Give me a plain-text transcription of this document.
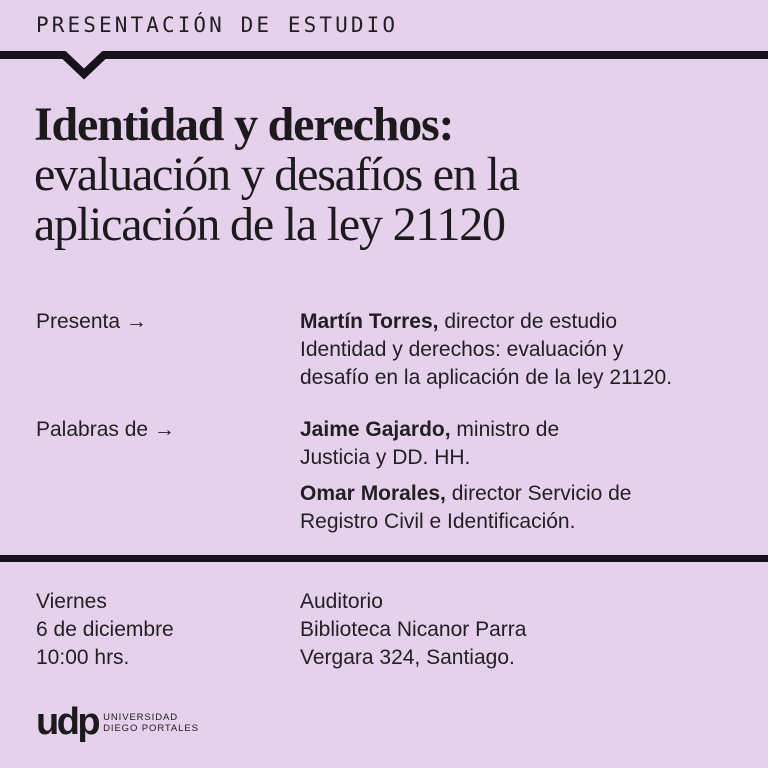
PRESENTACIÓN DE ESTUDIO
Identidad y derechos:
evaluación y desafíos en la
aplicación de la ley 21120
Presenta →	Martín Torres, director de estudio
Identidad y derechos: evaluación y
desafío en la aplicación de la ley 21120.
Palabras de →	Jaime Gajardo, ministro de
Justicia y DD. HH.
Omar Morales, director Servicio de
Registro Civil e Identificación.
Viernes
6 de diciembre
10:00 hrs.
Auditorio
Biblioteca Nicanor Parra
Vergara 324, Santiago.
udp UNIVERSIDAD
DIEGO PORTALES
